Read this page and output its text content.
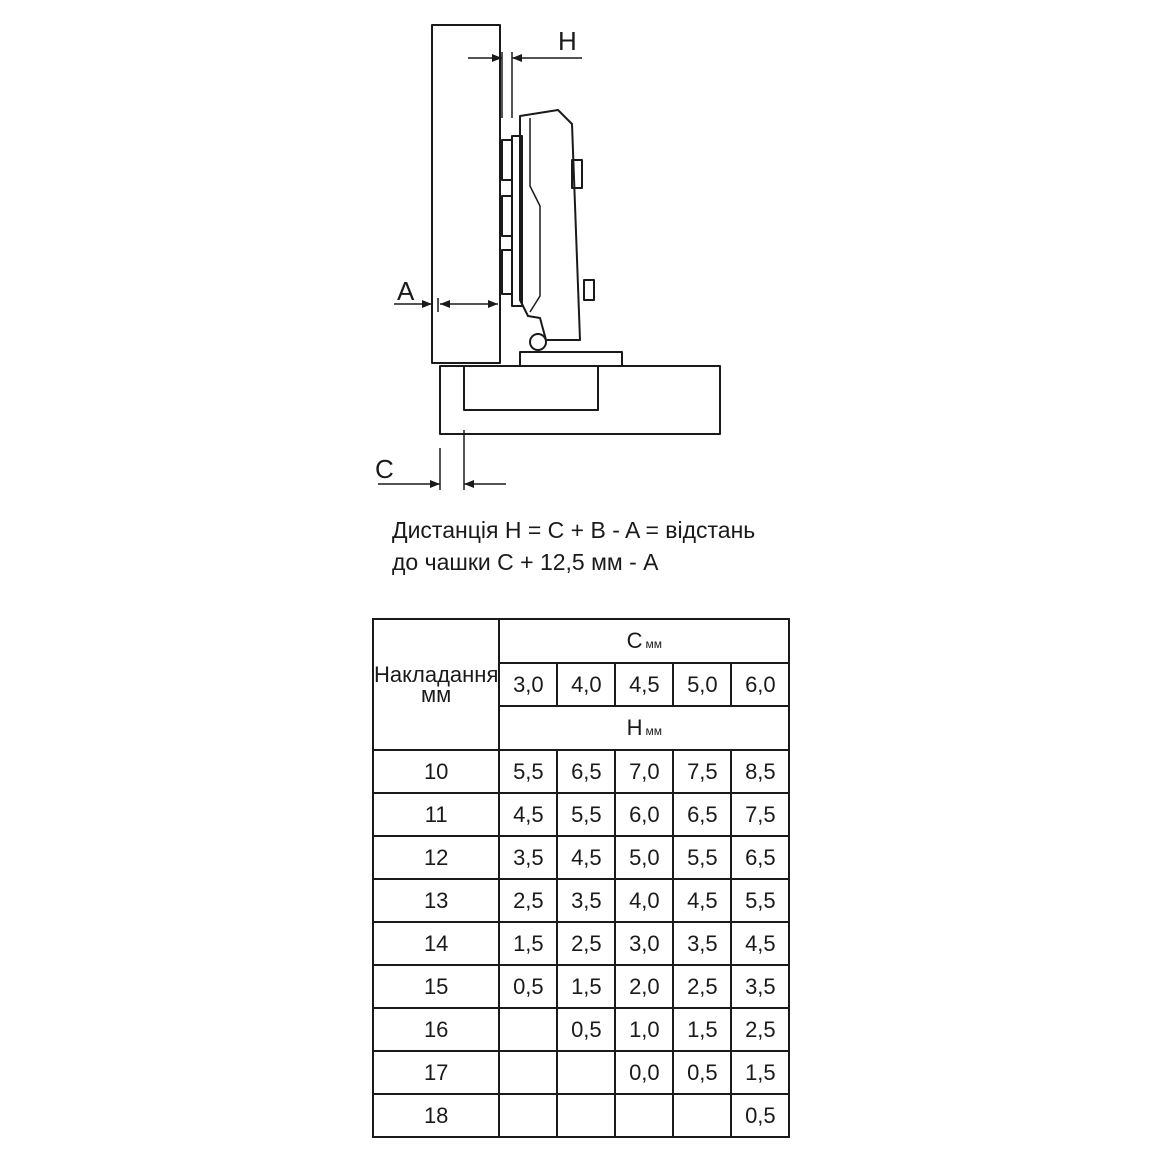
H
A
C
Дистанція H = C + B - A = відстань
до чашки C + 12,5 мм - A
Накладання
мм	C мм				
	3,0	4,0	4,5	5,0	6,0
	H мм				
10	5,5	6,5	7,0	7,5	8,5
11	4,5	5,5	6,0	6,5	7,5
12	3,5	4,5	5,0	5,5	6,5
13	2,5	3,5	4,0	4,5	5,5
14	1,5	2,5	3,0	3,5	4,5
15	0,5	1,5	2,0	2,5	3,5
16		0,5	1,0	1,5	2,5
17			0,0	0,5	1,5
18					0,5
